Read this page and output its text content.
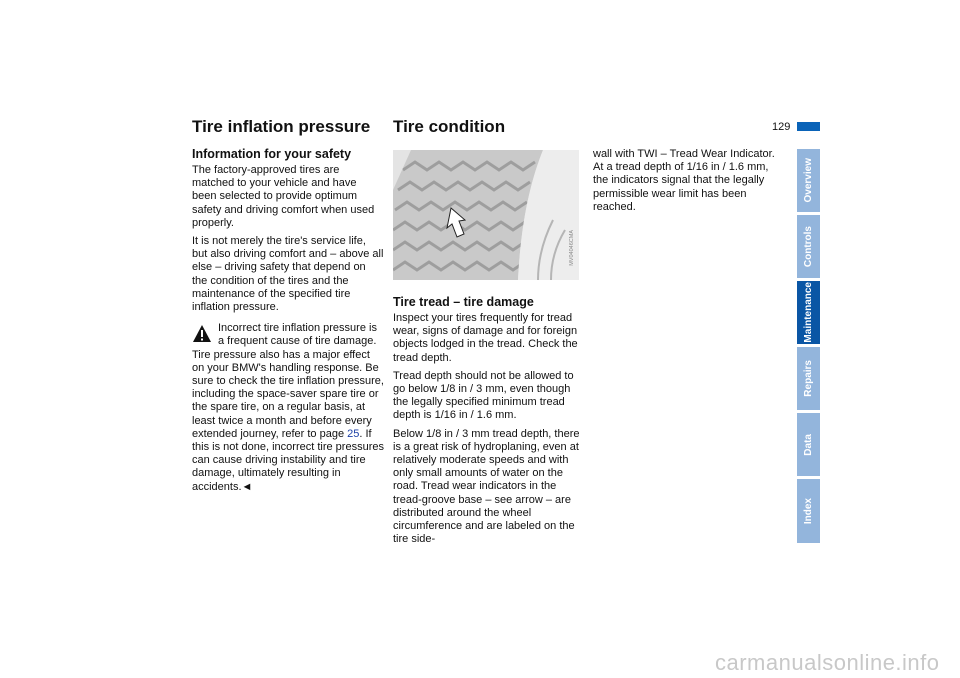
Tire inflation pressure Tire condition	129
Information for your safety

The factory-approved tires are matched to your vehicle and have been selected to provide optimum safety and driving comfort when used properly.

It is not merely the tire's service life, but also driving comfort and – above all else – driving safety that depend on the condition of the tires and the maintenance of the specified tire inflation pressure.

Incorrect tire inflation pressure is a frequent cause of tire damage. Tire pressure also has a major effect on your BMW's handling response. Be sure to check the tire inflation pressure, including the space-saver spare tire or the spare tire, on a regular basis, at least twice a month and before every extended journey, refer to page 25. If this is not done, incorrect tire pressures can cause driving instability and tire damage, ultimately resulting in accidents.◄
MV04046CMA
Tire tread – tire damage

Inspect your tires frequently for tread wear, signs of damage and for foreign objects lodged in the tread. Check the tread depth.

Tread depth should not be allowed to go below 1/8 in / 3 mm, even though the legally specified minimum tread depth is 1/16 in / 1.6 mm.

Below 1/8 in / 3 mm tread depth, there is a great risk of hydroplaning, even at relatively moderate speeds and with only small amounts of water on the road. Tread wear indicators in the tread-groove base – see arrow – are distributed around the wheel circumference and are labeled on the tire side-

wall with TWI – Tread Wear Indicator. At a tread depth of 1/16 in / 1.6 mm, the indicators signal that the legally permissible wear limit has been reached.
Overview
Controls
Maintenance
Repairs
Data
Index
carmanualsonline.info
